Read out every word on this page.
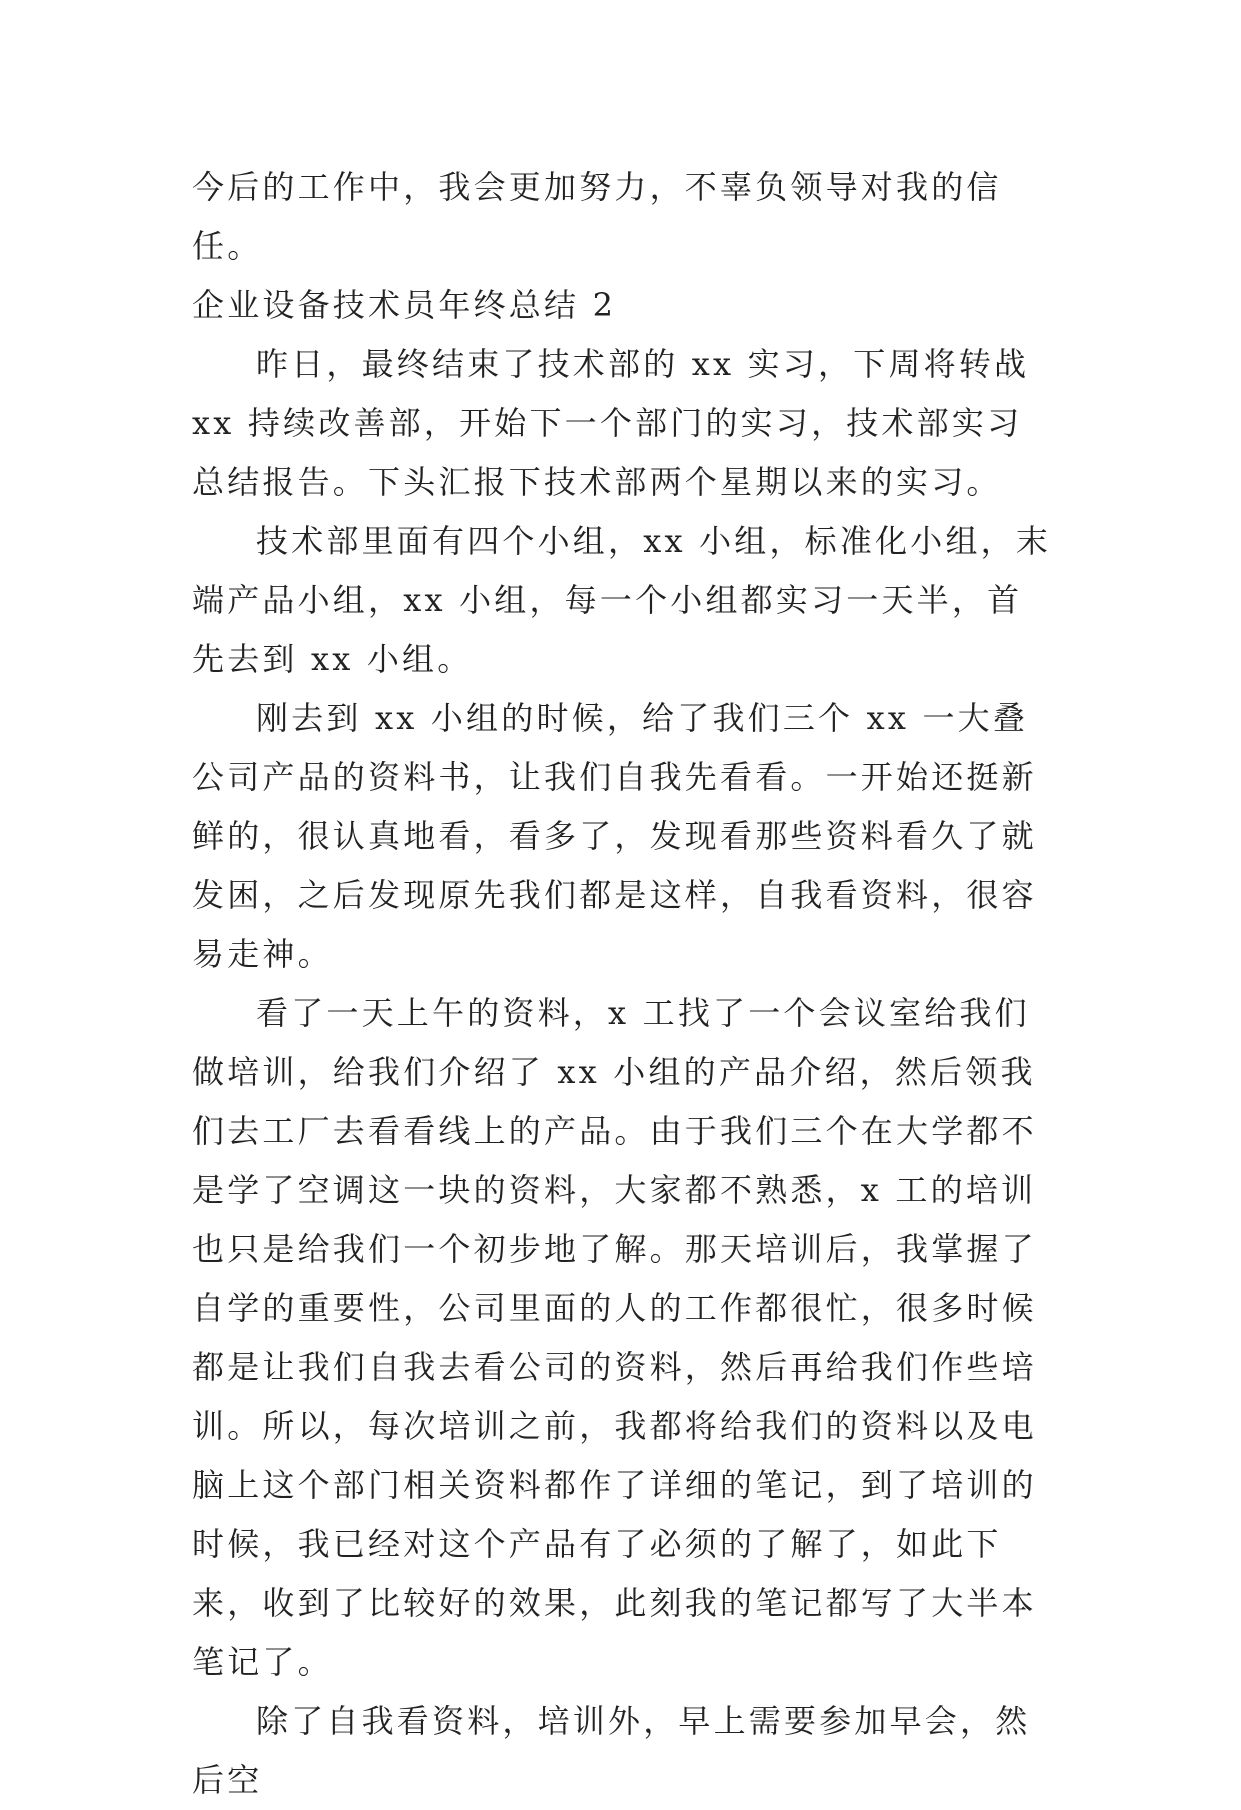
今后的工作中，我会更加努力，不辜负领导对我的信任。

企业设备技术员年终总结 2

昨日，最终结束了技术部的 xx 实习，下周将转战 xx 持续改善部，开始下一个部门的实习，技术部实习总结报告。下头汇报下技术部两个星期以来的实习。

技术部里面有四个小组，xx 小组，标准化小组，末端产品小组，xx 小组，每一个小组都实习一天半，首先去到 xx 小组。

刚去到 xx 小组的时候，给了我们三个 xx 一大叠公司产品的资料书，让我们自我先看看。一开始还挺新鲜的，很认真地看，看多了，发现看那些资料看久了就发困，之后发现原先我们都是这样，自我看资料，很容易走神。

看了一天上午的资料，x 工找了一个会议室给我们做培训，给我们介绍了 xx 小组的产品介绍，然后领我们去工厂去看看线上的产品。由于我们三个在大学都不是学了空调这一块的资料，大家都不熟悉，x 工的培训也只是给我们一个初步地了解。那天培训后，我掌握了自学的重要性，公司里面的人的工作都很忙，很多时候都是让我们自我去看公司的资料，然后再给我们作些培训。所以，每次培训之前，我都将给我们的资料以及电脑上这个部门相关资料都作了详细的笔记，到了培训的时候，我已经对这个产品有了必须的了解了，如此下来，收到了比较好的效果，此刻我的笔记都写了大半本笔记了。

除了自我看资料，培训外，早上需要参加早会，然后空
